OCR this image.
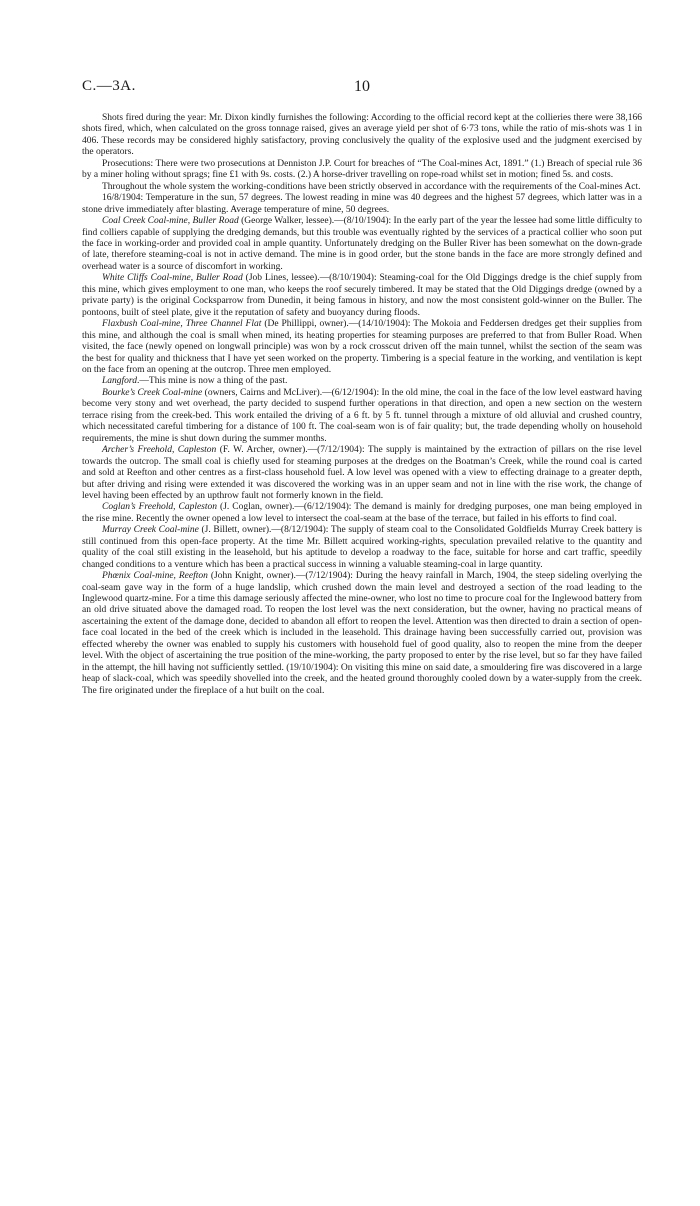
C.—3A.	10

Shots fired during the year: Mr. Dixon kindly furnishes the following: According to the official record kept at the collieries there were 38,166 shots fired, which, when calculated on the gross tonnage raised, gives an average yield per shot of 6·73 tons, while the ratio of mis-shots was 1 in 406. These records may be considered highly satisfactory, proving conclusively the quality of the explosive used and the judgment exercised by the operators.

Prosecutions: There were two prosecutions at Denniston J.P. Court for breaches of “The Coal-mines Act, 1891.” (1.) Breach of special rule 36 by a miner holing without sprags; fine £1 with 9s. costs. (2.) A horse-driver travelling on rope-road whilst set in motion; fined 5s. and costs.

Throughout the whole system the working-conditions have been strictly observed in accordance with the requirements of the Coal-mines Act.

16/8/1904: Temperature in the sun, 57 degrees. The lowest reading in mine was 40 degrees and the highest 57 degrees, which latter was in a stone drive immediately after blasting. Average temperature of mine, 50 degrees.

Coal Creek Coal-mine, Buller Road (George Walker, lessee).—(8/10/1904): In the early part of the year the lessee had some little difficulty to find colliers capable of supplying the dredging demands, but this trouble was eventually righted by the services of a practical collier who soon put the face in working-order and provided coal in ample quantity. Unfortunately dredging on the Buller River has been somewhat on the down-grade of late, therefore steaming-coal is not in active demand. The mine is in good order, but the stone bands in the face are more strongly defined and overhead water is a source of discomfort in working.

White Cliffs Coal-mine, Buller Road (Job Lines, lessee).—(8/10/1904): Steaming-coal for the Old Diggings dredge is the chief supply from this mine, which gives employment to one man, who keeps the roof securely timbered. It may be stated that the Old Diggings dredge (owned by a private party) is the original Cocksparrow from Dunedin, it being famous in history, and now the most consistent gold-winner on the Buller. The pontoons, built of steel plate, give it the reputation of safety and buoyancy during floods.

Flaxbush Coal-mine, Three Channel Flat (De Phillippi, owner).—(14/10/1904): The Mokoia and Feddersen dredges get their supplies from this mine, and although the coal is small when mined, its heating properties for steaming purposes are preferred to that from Buller Road. When visited, the face (newly opened on longwall principle) was won by a rock crosscut driven off the main tunnel, whilst the section of the seam was the best for quality and thickness that I have yet seen worked on the property. Timbering is a special feature in the working, and ventilation is kept on the face from an opening at the outcrop. Three men employed.

Langford.—This mine is now a thing of the past.

Bourke’s Creek Coal-mine (owners, Cairns and McLiver).—(6/12/1904): In the old mine, the coal in the face of the low level eastward having become very stony and wet overhead, the party decided to suspend further operations in that direction, and open a new section on the western terrace rising from the creek-bed. This work entailed the driving of a 6 ft. by 5 ft. tunnel through a mixture of old alluvial and crushed country, which necessitated careful timbering for a distance of 100 ft. The coal-seam won is of fair quality; but, the trade depending wholly on household requirements, the mine is shut down during the summer months.

Archer’s Freehold, Capleston (F. W. Archer, owner).—(7/12/1904): The supply is maintained by the extraction of pillars on the rise level towards the outcrop. The small coal is chiefly used for steaming purposes at the dredges on the Boatman’s Creek, while the round coal is carted and sold at Reefton and other centres as a first-class household fuel. A low level was opened with a view to effecting drainage to a greater depth, but after driving and rising were extended it was discovered the working was in an upper seam and not in line with the rise work, the change of level having been effected by an upthrow fault not formerly known in the field.

Coglan’s Freehold, Capleston (J. Coglan, owner).—(6/12/1904): The demand is mainly for dredging purposes, one man being employed in the rise mine. Recently the owner opened a low level to intersect the coal-seam at the base of the terrace, but failed in his efforts to find coal.

Murray Creek Coal-mine (J. Billett, owner).—(8/12/1904): The supply of steam coal to the Consolidated Goldfields Murray Creek battery is still continued from this open-face property. At the time Mr. Billett acquired working-rights, speculation prevailed relative to the quantity and quality of the coal still existing in the leasehold, but his aptitude to develop a roadway to the face, suitable for horse and cart traffic, speedily changed conditions to a venture which has been a practical success in winning a valuable steaming-coal in large quantity.

Phœnix Coal-mine, Reefton (John Knight, owner).—(7/12/1904): During the heavy rainfall in March, 1904, the steep sideling overlying the coal-seam gave way in the form of a huge landslip, which crushed down the main level and destroyed a section of the road leading to the Inglewood quartz-mine. For a time this damage seriously affected the mine-owner, who lost no time to procure coal for the Inglewood battery from an old drive situated above the damaged road. To reopen the lost level was the next consideration, but the owner, having no practical means of ascertaining the extent of the damage done, decided to abandon all effort to reopen the level. Attention was then directed to drain a section of open-face coal located in the bed of the creek which is included in the leasehold. This drainage having been successfully carried out, provision was effected whereby the owner was enabled to supply his customers with household fuel of good quality, also to reopen the mine from the deeper level. With the object of ascertaining the true position of the mine-working, the party proposed to enter by the rise level, but so far they have failed in the attempt, the hill having not sufficiently settled. (19/10/1904): On visiting this mine on said date, a smouldering fire was discovered in a large heap of slack-coal, which was speedily shovelled into the creek, and the heated ground thoroughly cooled down by a water-supply from the creek. The fire originated under the fireplace of a hut built on the coal.
